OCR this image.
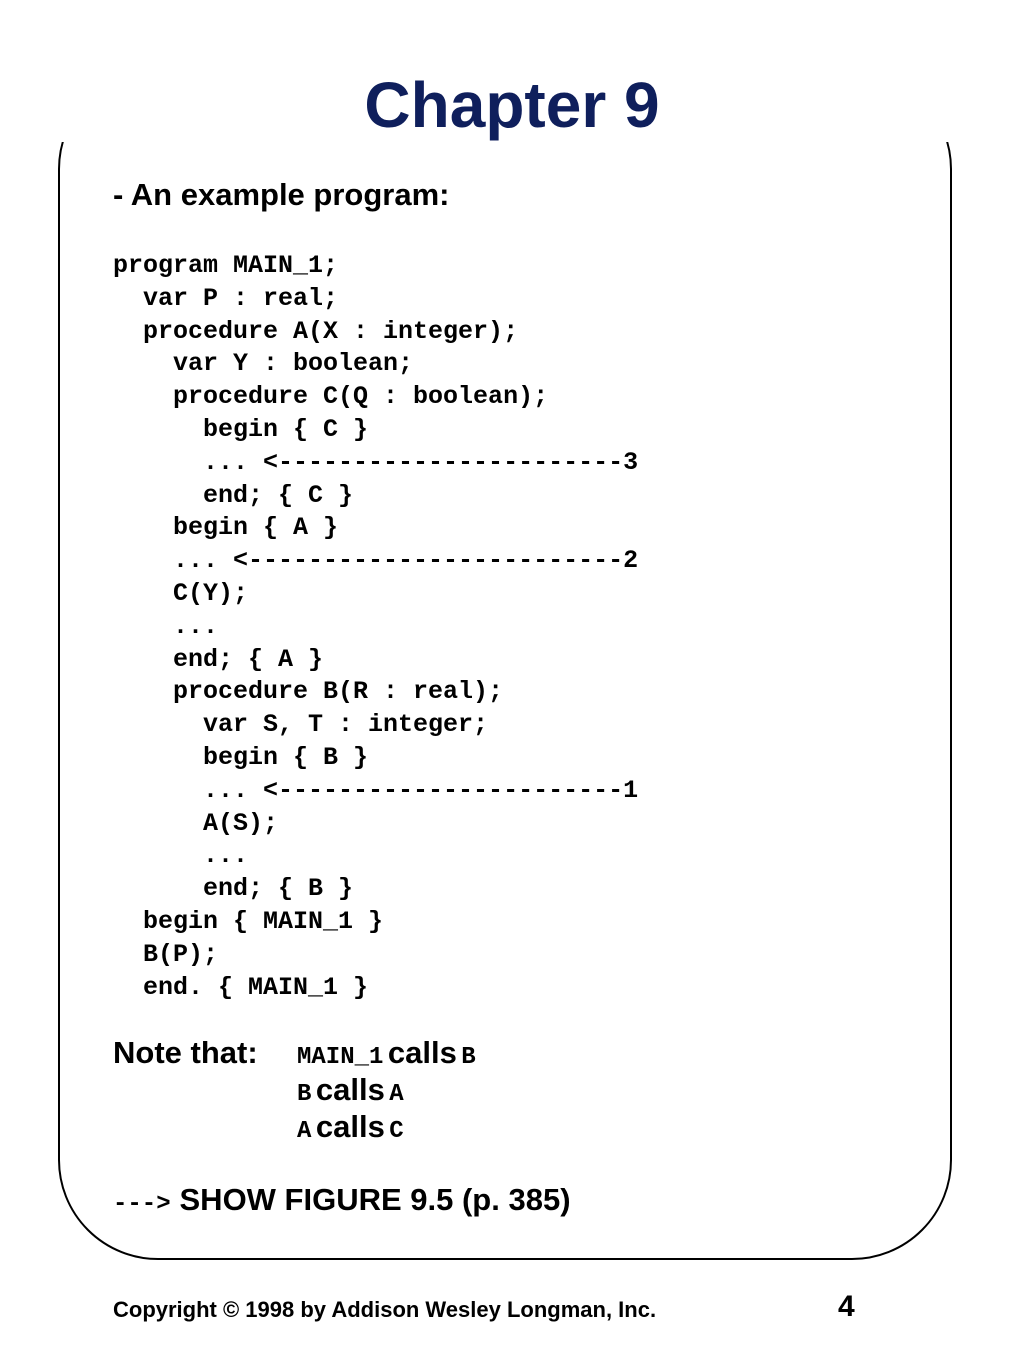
Chapter 9
- An example program:
program MAIN_1;
var P : real;
procedure A(X : integer);
var Y : boolean;
procedure C(Q : boolean);
begin { C }
... <-----------------------3
end; { C }
begin { A }
... <-------------------------2
C(Y);
...
end; { A }
procedure B(R : real);
var S, T : integer;
begin { B }
... <-----------------------1
A(S);
...
end; { B }
begin { MAIN_1 }
B(P);
end. { MAIN_1 }
Note that: MAIN_1 calls B
B calls A
A calls C
---> SHOW FIGURE 9.5 (p. 385)
Copyright © 1998 by Addison Wesley Longman, Inc.	4
